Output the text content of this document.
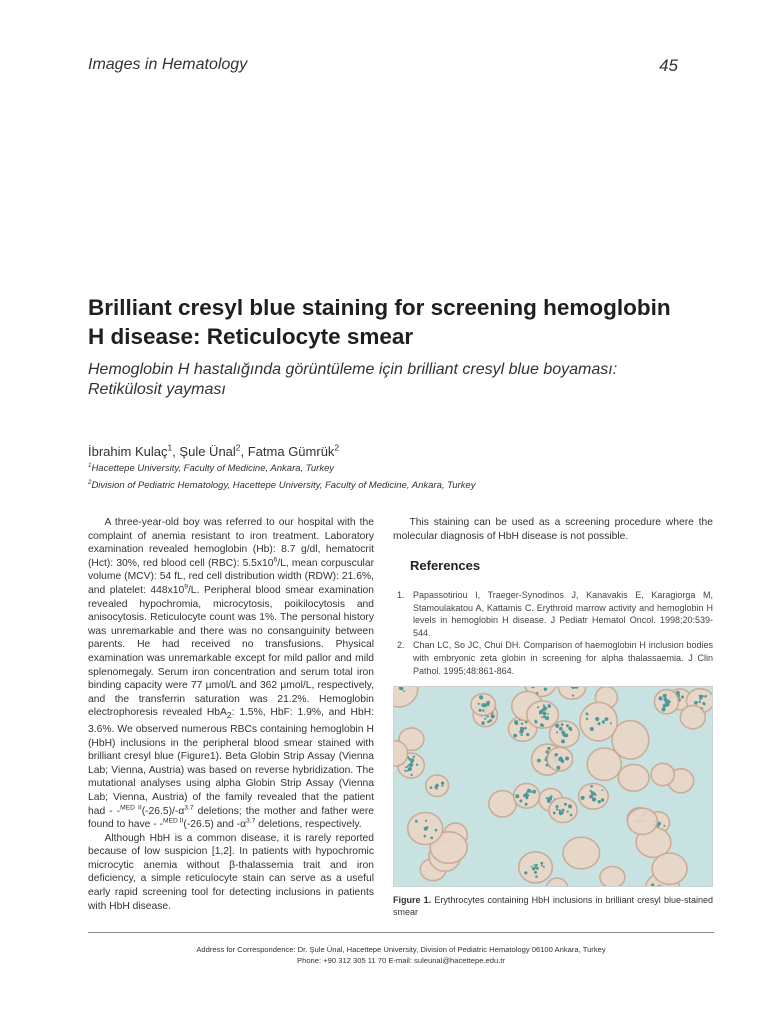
Images in Hematology	45
Brilliant cresyl blue staining for screening hemoglobin H disease: Reticulocyte smear

Hemoglobin H hastalığında görüntüleme için brilliant cresyl blue boyaması: Retikülosit yayması

İbrahim Kulaç$^1$, Şule Ünal$^2$, Fatma Gümrük$^2$
$^1$Hacettepe University, Faculty of Medicine, Ankara, Turkey
$^2$Division of Pediatric Hematology, Hacettepe University, Faculty of Medicine, Ankara, Turkey

A three-year-old boy was referred to our hospital with the complaint of anemia resistant to iron treatment. Laboratory examination revealed hemoglobin (Hb): 8.7 g/dl, hematocrit (Hct): 30%, red blood cell (RBC): $5.5x10^6/L$, mean corpuscular volume (MCV): 54 fL, red cell distribution width (RDW): 21.6%, and platelet: $448x10^9/L$. Peripheral blood smear examination revealed hypochromia, microcytosis, poikilocytosis and anisocytosis. Reticulocyte count was 1%. The personal history was unremarkable and there was no consanguinity between parents. He had received no transfusions. Physical examination was unremarkable except for mild pallor and mild splenomegaly. Serum iron concentration and serum total iron binding capacity were 77 µmol/L and 362 µmol/L, respectively, and the transferrin saturation was 21.2%. Hemoglobin electrophoresis revealed HbA$_2$: 1.5%, HbF: 1.9%, and HbH: 3.6%. We observed numerous RBCs containing hemoglobin H (HbH) inclusions in the peripheral blood smear stained with brilliant cresyl blue (Figure1). Beta Globin Strip Assay (Vienna Lab; Vienna, Austria) was based on reverse hybridization. The mutational analyses using alpha Globin Strip Assay (Vienna Lab; Vienna, Austria) of the family revealed that the patient had - $-^{MED II}(-26.5)/-\alpha^{3.7}$ deletions; the mother and father were found to have - -$^{MED II}$(-26.5) and $-\alpha^{3.7}$ deletions, respectively.

Although HbH is a common disease, it is rarely reported because of low suspicion [1,2]. In patients with hypochromic microcytic anemia without β-thalassemia trait and iron deficiency, a simple reticulocyte stain can serve as a useful early rapid screening tool for detecting inclusions in patients with HbH disease.

This staining can be used as a screening procedure where the molecular diagnosis of HbH disease is not possible.

References
1. Papassotiriou I, Traeger-Synodinos J, Kanavakis E, Karagiorga M, Stamoulakatou A, Kattamis C. Erythroid marrow activity and hemoglobin H levels in hemoglobin H disease. J Pediatr Hematol Oncol. 1998;20:539-544.
2. Chan LC, So JC, Chui DH. Comparison of haemoglobin H inclusion bodies with embryonic zeta globin in screening for alpha thalassaemia. J Clin Pathol. 1995;48:861-864.

Figure 1. Erythrocytes containing HbH inclusions in brilliant cresyl blue-stained smear

Address for Correspondence: Dr. Şule Ünal, Hacettepe University, Division of Pediatric Hematology 06100 Ankara, Turkey
Phone: +90 312 305 11 70 E-mail: suleunal@hacettepe.edu.tr
